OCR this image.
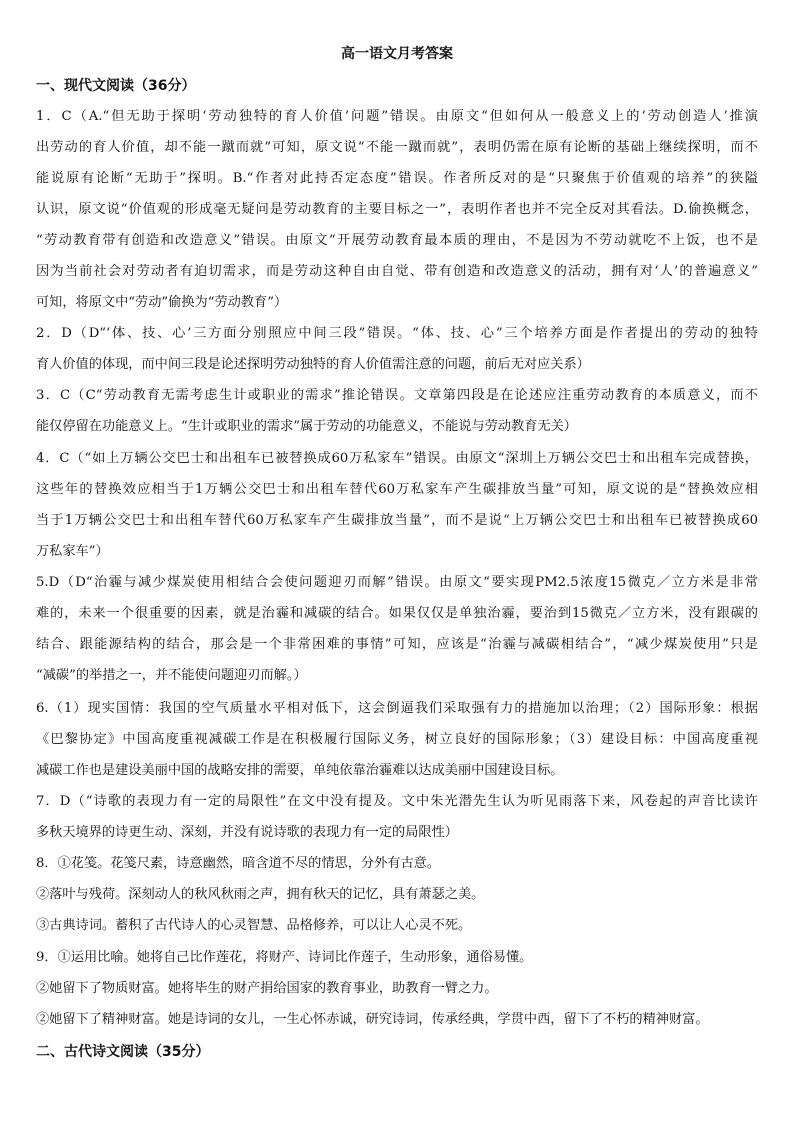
高一语文月考答案
一、现代文阅读（36分）
1．C（A.“但无助于探明‘劳动独特的育人价值’问题”错误。由原文“但如何从一般意义上的‘劳动创造人’推演
出劳动的育人价值，却不能一蹴而就”可知，原文说“不能一蹴而就”，表明仍需在原有论断的基础上继续探明，而不
能说原有论断“无助于”探明。B.“作者对此持否定态度”错误。作者所反对的是“只聚焦于价值观的培养”的狭隘
认识，原文说“价值观的形成毫无疑问是劳动教育的主要目标之一”，表明作者也并不完全反对其看法。D.偷换概念，
“劳动教育带有创造和改造意义”错误。由原文“开展劳动教育最本质的理由，不是因为不劳动就吃不上饭，也不是
因为当前社会对劳动者有迫切需求，而是劳动这种自由自觉、带有创造和改造意义的活动，拥有对‘人’的普遍意义”
可知，将原文中“劳动”偷换为“劳动教育”）
2．D（D“‘体、技、心’三方面分别照应中间三段”错误。“体、技、心”三个培养方面是作者提出的劳动的独特
育人价值的体现，而中间三段是论述探明劳动独特的育人价值需注意的问题，前后无对应关系）
3．C（C“劳动教育无需考虑生计或职业的需求”推论错误。文章第四段是在论述应注重劳动教育的本质意义，而不
能仅停留在功能意义上。“生计或职业的需求”属于劳动的功能意义，不能说与劳动教育无关）
4．C（“如上万辆公交巴士和出租车已被替换成60万私家车”错误。由原文“深圳上万辆公交巴士和出租车完成替换，
这些年的替换效应相当于1万辆公交巴士和出租车替代60万私家车产生碳排放当量”可知，原文说的是“替换效应相
当于1万辆公交巴士和出租车替代60万私家车产生碳排放当量”，而不是说“上万辆公交巴士和出租车已被替换成60
万私家车”）
5.D（D“治霾与减少煤炭使用相结合会使问题迎刃而解”错误。由原文“要实现PM2.5浓度15微克／立方米是非常
难的，未来一个很重要的因素，就是治霾和减碳的结合。如果仅仅是单独治霾，要治到15微克／立方米，没有跟碳的
结合、跟能源结构的结合，那会是一个非常困难的事情”可知，应该是“治霾与减碳相结合”，“减少煤炭使用”只是
“减碳”的举措之一，并不能使问题迎刃而解。）
6.（1）现实国情：我国的空气质量水平相对低下，这会倒逼我们采取强有力的措施加以治理；（2）国际形象：根据
《巴黎协定》中国高度重视减碳工作是在积极履行国际义务，树立良好的国际形象；（3）建设目标：中国高度重视
减碳工作也是建设美丽中国的战略安排的需要，单纯依靠治霾难以达成美丽中国建设目标。
7．D（“诗歌的表现力有一定的局限性”在文中没有提及。文中朱光潜先生认为听见雨落下来，风卷起的声音比读许
多秋天境界的诗更生动、深刻，并没有说诗歌的表现力有一定的局限性）
8．①花笺。花笺尺素，诗意幽然，暗含道不尽的情思，分外有古意。
②落叶与残荷。深刻动人的秋风秋雨之声，拥有秋天的记忆，具有萧瑟之美。
③古典诗词。蓄积了古代诗人的心灵智慧、品格修养，可以让人心灵不死。
9．①运用比喻。她将自己比作莲花，将财产、诗词比作莲子，生动形象，通俗易懂。
②她留下了物质财富。她将毕生的财产捐给国家的教育事业，助教育一臂之力。
②她留下了精神财富。她是诗词的女儿，一生心怀赤诚，研究诗词，传承经典，学贯中西，留下了不朽的精神财富。
二、古代诗文阅读（35分）
